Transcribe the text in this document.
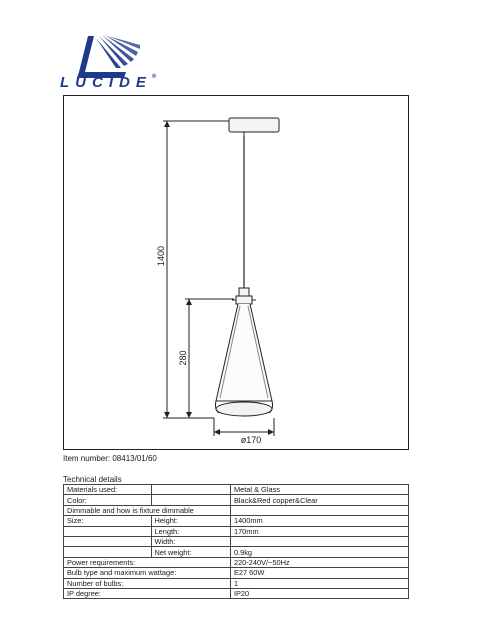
LUCIDE®
1400
280
ø170
Item number: 08413/01/60
Technical details
Materials used:		Metal & Glass
Color:		Black&Red copper&Clear
Dimmable and how is fixture dimmable		
Size:	Height:	1400mm
	Length:	170mm
	Width:	
	Net weight:	0.9kg
Power requirements:		220-240V/~50Hz
Bulb type and maximum wattage:		E27 60W
Number of bulbs:		1
IP degree:		IP20
